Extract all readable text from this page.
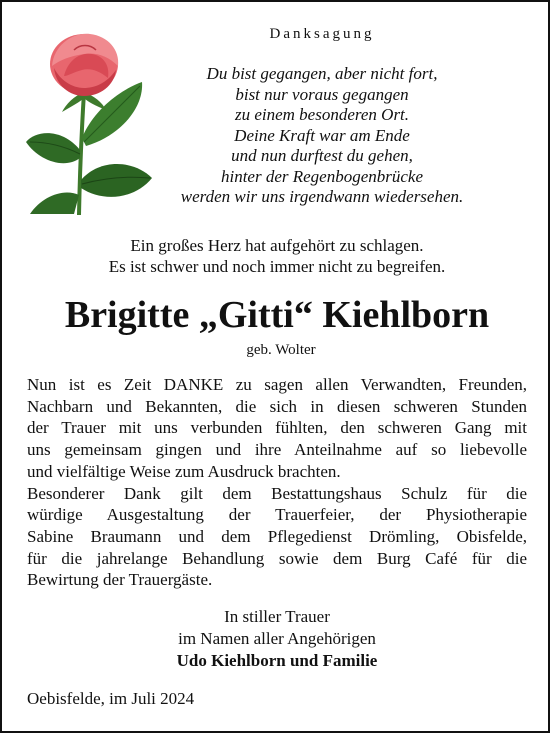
Danksagung
Du bist gegangen, aber nicht fort,
bist nur voraus gegangen
zu einem besonderen Ort.
Deine Kraft war am Ende
und nun durftest du gehen,
hinter der Regenbogenbrücke
werden wir uns irgendwann wiedersehen.
Ein großes Herz hat aufgehört zu schlagen.
Es ist schwer und noch immer nicht zu begreifen.
Brigitte „Gitti“ Kiehlborn
geb. Wolter
Nun ist es Zeit DANKE zu sagen allen Verwandten, Freunden,
Nachbarn und Bekannten, die sich in diesen schweren Stunden
der Trauer mit uns verbunden fühlten, den schweren Gang mit
uns gemeinsam gingen und ihre Anteilnahme auf so liebevolle
und vielfältige Weise zum Ausdruck brachten.
Besonderer Dank gilt dem Bestattungshaus Schulz für die
würdige Ausgestaltung der Trauerfeier, der Physiotherapie
Sabine Braumann und dem Pflegedienst Drömling, Obisfelde,
für die jahrelange Behandlung sowie dem Burg Café für die
Bewirtung der Trauergäste.
In stiller Trauer
im Namen aller Angehörigen
Udo Kiehlborn und Familie
Oebisfelde, im Juli 2024
